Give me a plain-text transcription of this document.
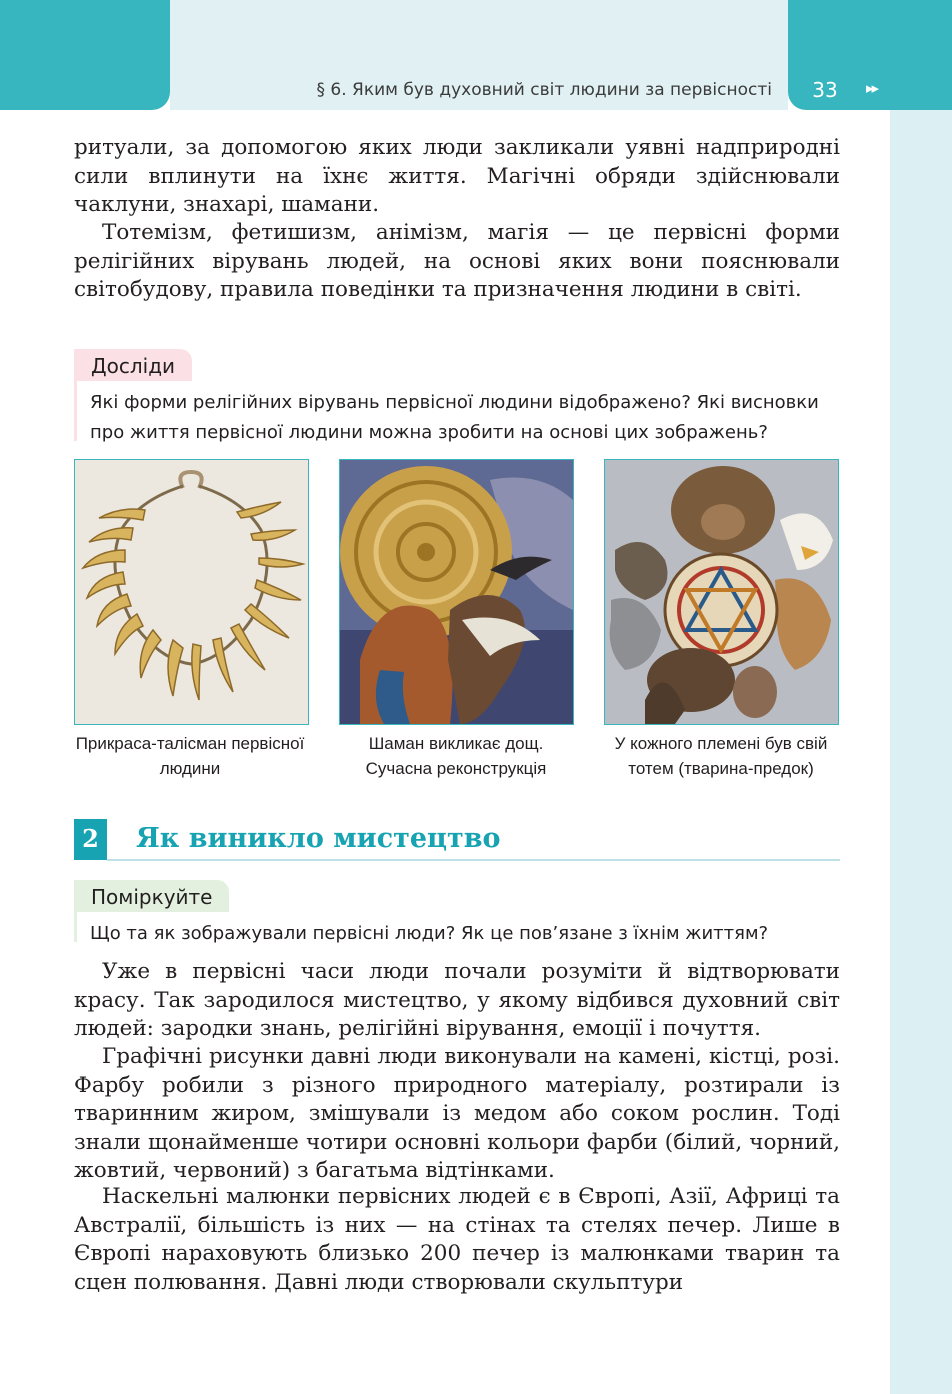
§ 6. Яким був духовний світ людини за первісності	33	▸▸

ритуали, за допомогою яких люди закликали уявні надприродні сили вплинути на їхнє життя. Магічні обряди здійснювали чаклуни, знахарі, шамани.

Тотемізм, фетишизм, анімізм, магія — це первісні форми релігійних вірувань людей, на основі яких вони пояснювали світобудову, правила поведінки та призначення людини в світі.

Досліди
Які форми релігійних вірувань первісної людини відображено? Які висновки про життя первісної людини можна зробити на основі цих зображень?
Прикраса-талісман первісної
людини
Шаман викликає дощ.
Сучасна реконструкція
У кожного племені був свій
тотем (тварина-предок)
2	Як виникло мистецтво
Поміркуйте
Що та як зображували первісні люди? Як це пов’язане з їхнім життям?

Уже в первісні часи люди почали розуміти й відтворювати красу. Так зародилося мистецтво, у якому відбився духовний світ людей: зародки знань, релігійні вірування, емоції і почуття.

Графічні рисунки давні люди виконували на камені, кістці, розі. Фарбу робили з різного природного матеріалу, розтирали із тваринним жиром, змішували із медом або соком рослин. Тоді знали щонайменше чотири основні кольори фарби (білий, чорний, жовтий, червоний) з багатьма відтінками.

Наскельні малюнки первісних людей є в Європі, Азії, Африці та Австралії, більшість із них — на стінах та стелях печер. Лише в Європі нараховують близько 200 печер із малюнками тварин та сцен полювання. Давні люди створювали скульптури
